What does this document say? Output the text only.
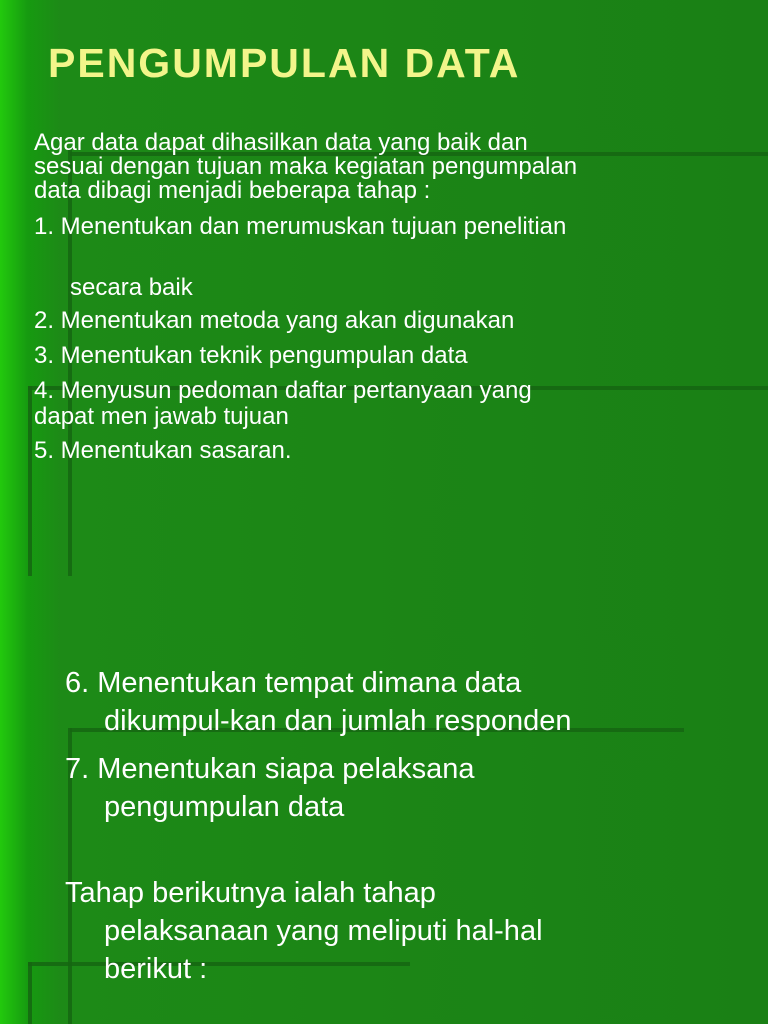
PENGUMPULAN DATA

Agar data dapat dihasilkan data yang baik dan

sesuai dengan tujuan maka kegiatan pengumpalan

data dibagi menjadi beberapa tahap :

1. Menentukan dan merumuskan tujuan penelitian

secara baik

2. Menentukan metoda yang akan digunakan

3. Menentukan teknik pengumpulan data

4. Menyusun pedoman daftar pertanyaan yang

dapat men jawab tujuan

5. Menentukan sasaran.

6. Menentukan tempat dimana data

dikumpul-kan dan jumlah responden

7. Menentukan siapa pelaksana

pengumpulan data

Tahap berikutnya ialah tahap

pelaksanaan yang meliputi hal-hal

berikut :
